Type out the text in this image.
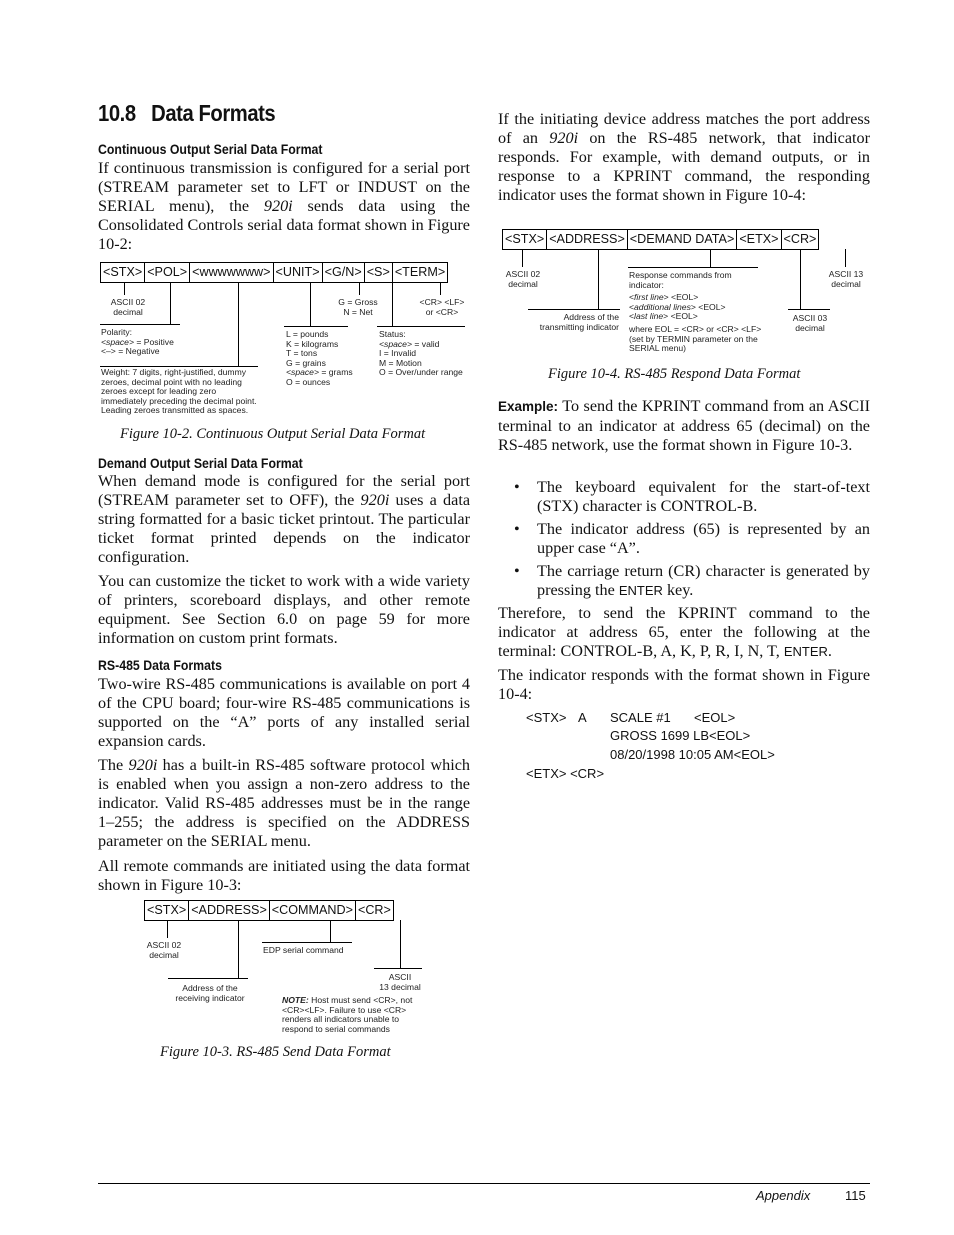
10.8 Data Formats
Continuous Output Serial Data Format

If continuous transmission is configured for a serial port (STREAM parameter set to LFT or INDUST on the SERIAL menu), the 920i sends data using the Consolidated Controls serial data format shown in Figure 10-2:

<STX> <POL> <wwwwwww> <UNIT> <G/N> <S> <TERM>
ASCII 02
decimal
G = Gross
N = Net
<CR> <LF>
or <CR>
Polarity:
<space> = Positive
<–> = Negative
L = pounds
K = kilograms
T = tons
G = grains
<space> = grams
O = ounces
Status:
<space> = valid
I = Invalid
M = Motion
O = Over/under range
Weight: 7 digits, right-justified, dummy zeroes, decimal point with no leading zeroes except for leading zero immediately preceding the decimal point. Leading zeroes transmitted as spaces.
Figure 10-2. Continuous Output Serial Data Format
Demand Output Serial Data Format

When demand mode is configured for the serial port (STREAM parameter set to OFF), the 920i uses a data string formatted for a basic ticket printout. The particular ticket format printed depends on the indicator configuration.

You can customize the ticket to work with a wide variety of printers, scoreboard displays, and other remote equipment. See Section 6.0 on page 59 for more information on custom print formats.

RS-485 Data Formats

Two-wire RS-485 communications is available on port 4 of the CPU board; four-wire RS-485 communications is supported on the “A” ports of any installed serial expansion cards.

The 920i has a built-in RS-485 software protocol which is enabled when you assign a non-zero address to the indicator. Valid RS-485 addresses must be in the range 1–255; the address is specified on the ADDRESS parameter on the SERIAL menu.

All remote commands are initiated using the data format shown in Figure 10-3:

<STX> <ADDRESS> <COMMAND> <CR>
ASCII 02
decimal	EDP serial command
ASCII
13 decimal
Address of the
receiving indicator	NOTE: Host must send <CR>, not <CR><LF>. Failure to use <CR> renders all indicators unable to respond to serial commands
Figure 10-3. RS-485 Send Data Format

If the initiating device address matches the port address of an 920i on the RS-485 network, that indicator responds. For example, with demand outputs, or in response to a KPRINT command, the responding indicator uses the format shown in Figure 10-4:

<STX> <ADDRESS> <DEMAND DATA> <ETX> <CR>
ASCII 02
decimal
ASCII 13
decimal
ASCII 03
decimal
Address of the
transmitting indicator
Response commands from
indicator:
<first line> <EOL>
<additional lines> <EOL>
<last line> <EOL>
where EOL = <CR> or <CR> <LF>
(set by TERMIN parameter on the
SERIAL menu)
Figure 10-4. RS-485 Respond Data Format

Example: To send the KPRINT command from an ASCII terminal to an indicator at address 65 (decimal) on the RS-485 network, use the format shown in Figure 10-3.

• The keyboard equivalent for the start-of-text (STX) character is CONTROL-B.

• The indicator address (65) is represented by an upper case “A”.

• The carriage return (CR) character is generated by pressing the ENTER key.

Therefore, to send the KPRINT command to the indicator at address 65, enter the following at the terminal: CONTROL-B, A, K, P, R, I, N, T, ENTER.

The indicator responds with the format shown in Figure 10-4:

<STX> A SCALE #1 <EOL>
GROSS 1699 LB<EOL>
08/20/1998 10:05 AM<EOL>
<ETX> <CR>
Appendix	115
